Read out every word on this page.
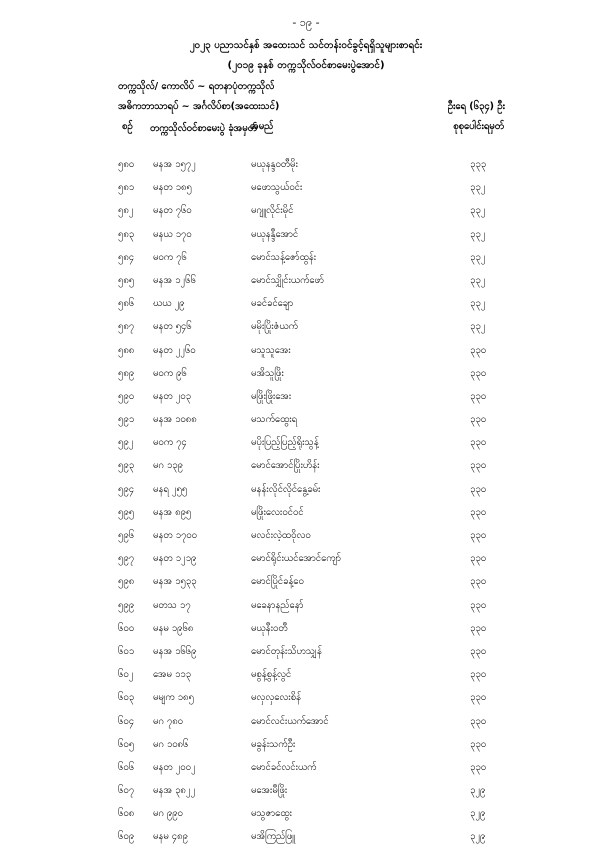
- ၁၉ -
၂၀၂၃ ပညာသင်နှစ် အထေးသင် သင်တန်းဝင်ခွင့်ရရှိသူများစာရင်း
(၂၀၁၉ ခုနှစ် တက္ကသိုလ်ဝင်စာမေးပွဲအောင်)
တက္ကသိုလ်/ ကောလိပ် ~ ရတနာပုံတက္ကသိုလ်
အဓိကဘာသာရပ် ~ အင်္ဂလိပ်စာ(အထေးသင်)	ဦးရေ (၆၃၄) ဦး
စဉ် တက္ကသိုလ်ဝင်စာမေးပွဲ ခုံအမှတ်
အမည်	စုစုပေါင်းရမှတ်
၅၈၀ မနအ ၁၅၇၂	မယုနန္ဒဝတီမိုး	၃၃၃
၅၈၁ မနတ ၁၈၅	မဖောသွယ်ဝင်း	၃၃၂
၅၈၂ မနတ ၇၆၀	မဂျူလိုင်းမိုင်	၃၃၂
၅၈၃ မနယ ၁၇၀	မယုနန္ဒီအောင်	၃၃၂
၅၈၄ မဝက ၇၆	မောင်သန့်ဇော်ထွန်း	၃၃၂
၅၈၅ မနအ ၁၂၆၆	မောင်သျှိုင်းယက်ဖော်	၃၃၂
၅၈၆ ဃယ ၂၉	မခင်ခင်ချော	၃၃၂
၅၈၇ မနတ ၅၄၆	မမိုးပြိုးဇံယက်	၃၃၂
၅၈၈ မနတ ၂၂၆၀	မသူသူအေး	၃၃၀
၅၈၉ မဝက ၉၆	မအိသူဖြိုး	၃၃၀
၅၉၀ မနတ ၂၀၃	မဖြိုးဖြိုးအေး	၃၃၀
၅၉၁ မနအ ၁၀၈၈	မသက်ထွေးရ	၃၃၀
၅၉၂ မဝက ၇၄	မပိုးပြည့်ပြည့်ရိုးသွန့်	၃၃၀
၅၉၃ မဂ ၁၃၉	မောင်အောင်ပြိုးဟိန်း	၃၃၀
၅၉၄ မနရ ၂၅၅	မနန်းလိုင်လိုင်နွေ့ခမ်း	၃၃၀
၅၉၅ မနအ ၈၉၅	မဖြိုးလေးဝင်ဝင်	၃၃၀
၅၉၆ မနတ ၁၇၀၀	မလင်းလဲ့ထဝိုလဝ	၃၃၀
၅၉၇ မနတ ၁၂၁၉	မောင်ရိုင်းယင်အောင်ကျော်	၃၃၀
၅၉၈ မနအ ၁၅၃၃	မောင်ပြိုင်ခန့်ဝေ	၃၃၀
၅၉၉ မတသ ၁၇	မခေနာနည်နော်	၃၃၀
၆၀၀ မနမ ၁၉၆၈	မယုနီးဝတီ	၃၃၀
၆၀၁ မနအ ၁၆၆၉	မောင်တုန်းသိဟသျှန်	၃၃၀
၆၀၂ အေမ ၁၁၃	မစွန့်စွန့်လွင်	၃၃၀
၆၀၃ မမျက ၁၈၅	မလှလှလေးစိန်	၃၃၀
၆၀၄ မဂ ၇၈၀	မောင်လင်းယက်အောင်	၃၃၀
၆၀၅ မဂ ၁၀၈၆	မခွန်းသက်ဦး	၃၃၀
၆၀၆ မနတ ၂၀၀၂	မောင်ခင်လင်းယက်	၃၃၀
၆၀၇ မနအ ၃၈၂၂	မအေးမီဖြိုး	၃၂၉
၆၀၈ မဂ ၉၉၀	မသွဇာထွေး	၃၂၉
၆၀၉ မနမ ၄၈၉	မအိကြည်ဖြူ	၃၂၉
